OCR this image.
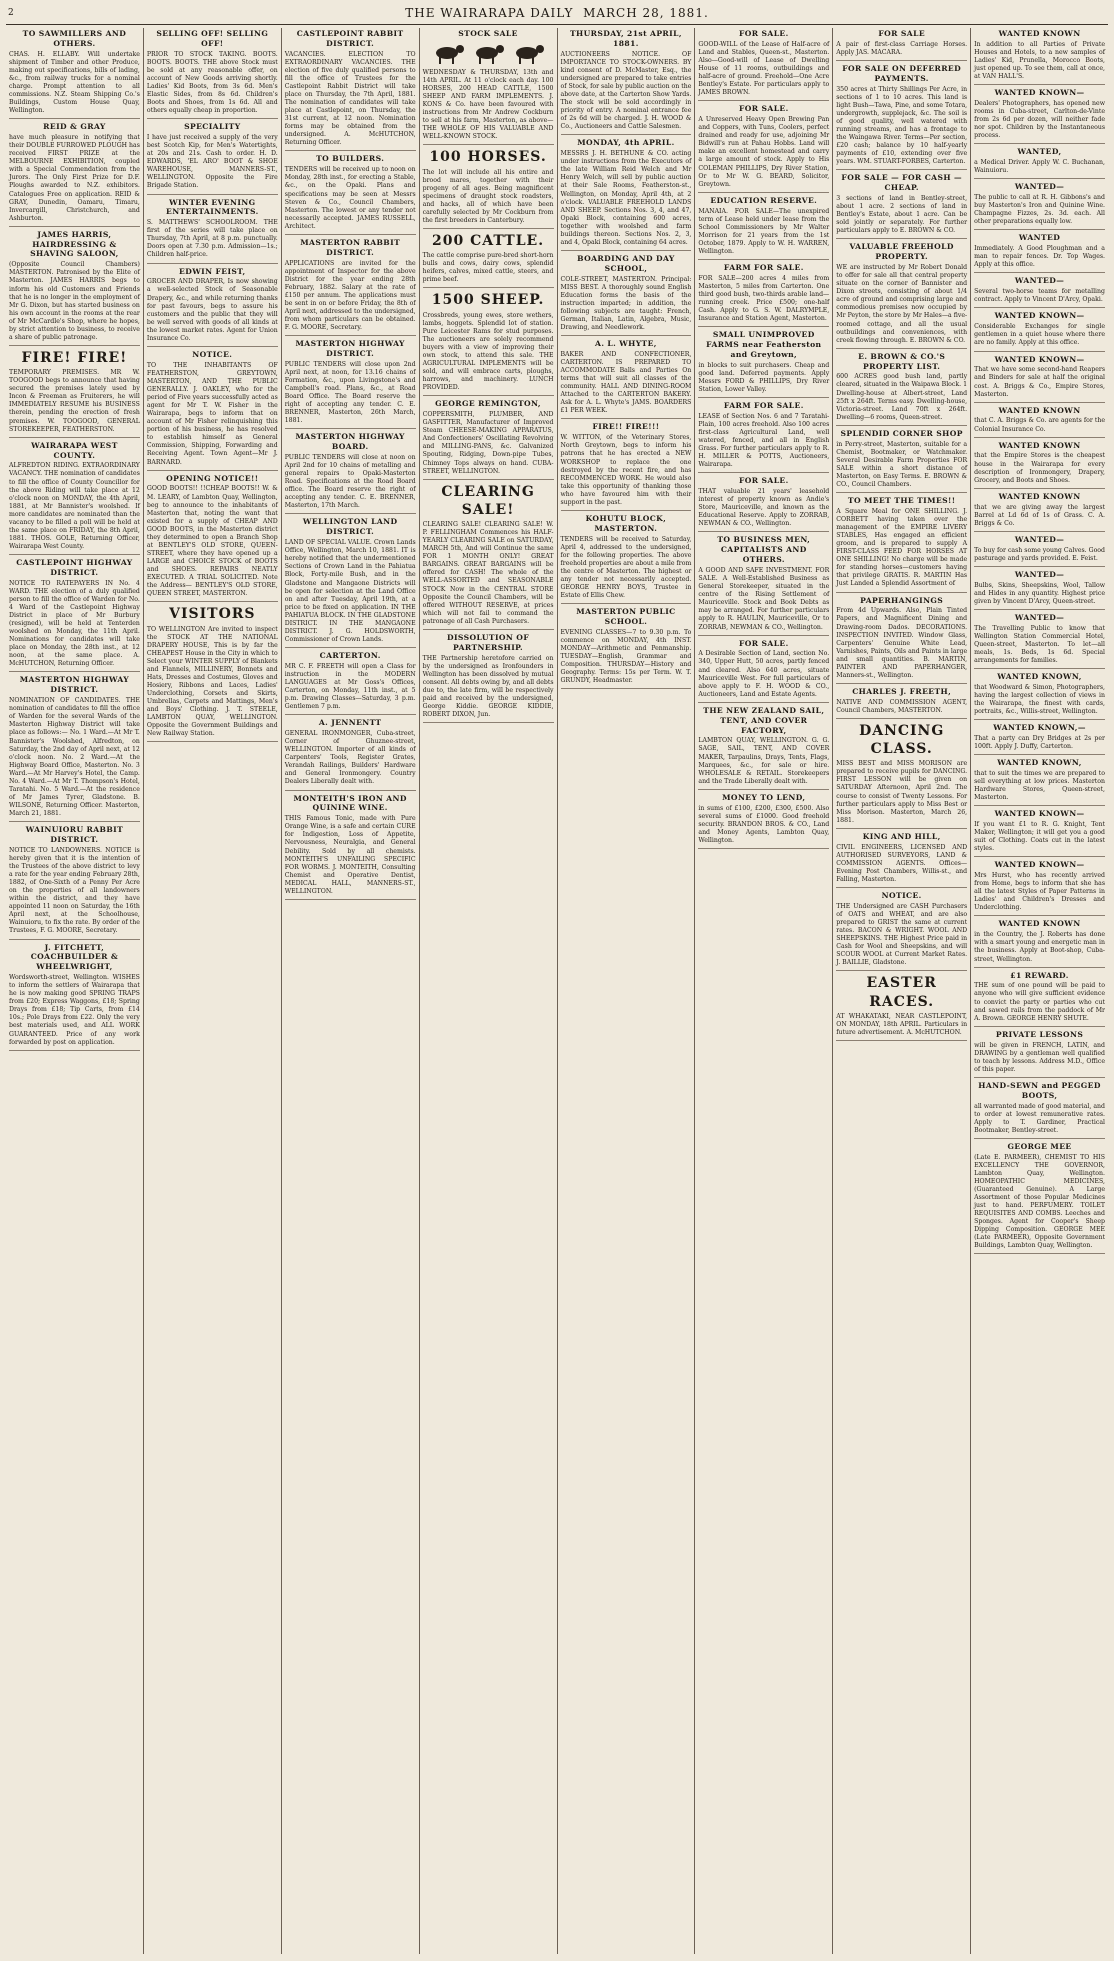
2	THE WAIRARAPA DAILY MARCH 28, 1881.
TO SAWMILLERS AND OTHERS.

CHAS. H. ELLABY. Will undertake shipment of Timber and other Produce, making out specifications, bills of lading, &c., from railway trucks for a nominal charge. Prompt attention to all commissions. N.Z. Steam Shipping Co.'s Buildings, Custom House Quay, Wellington.

REID & GRAY

have much pleasure in notifying that their DOUBLE FURROWED PLOUGH has received FIRST PRIZE at the MELBOURNE EXHIBITION, coupled with a Special Commendation from the Jurors. The Only First Prize for D.F. Ploughs awarded to N.Z. exhibitors. Catalogues Free on application. REID & GRAY, Dunedin, Oamaru, Timaru, Invercargill, Christchurch, and Ashburton.

JAMES HARRIS, HAIRDRESSING & SHAVING SALOON,

(Opposite Council Chambers) MASTERTON. Patronised by the Elite of Masterton. JAMES HARRIS begs to inform his old Customers and Friends that he is no longer in the employment of Mr G. Dixon, but has started business on his own account in the rooms at the rear of Mr McCardle's Shop, where he hopes, by strict attention to business, to receive a share of public patronage.

FIRE! FIRE!

TEMPORARY PREMISES. MR W. TOOGOOD begs to announce that having secured the premises lately used by Incon & Freeman as Fruiterers, he will IMMEDIATELY RESUME his BUSINESS therein, pending the erection of fresh premises. W. TOOGOOD, GENERAL STOREKEEPER, FEATHERSTON.

WAIRARAPA WEST COUNTY.

ALFREDTON RIDING. EXTRAORDINARY VACANCY. THE nomination of candidates to fill the office of County Councillor for the above Riding will take place at 12 o'clock noon on MONDAY, the 4th April, 1881, at Mr Bannister's woolshed. If more candidates are nominated than the vacancy to be filled a poll will be held at the same place on FRIDAY, the 8th April, 1881. THOS. GOLE, Returning Officer, Wairarapa West County.

CASTLEPOINT HIGHWAY DISTRICT.

NOTICE TO RATEPAYERS IN No. 4 WARD. THE election of a duly qualified person to fill the office of Warden for No. 4 Ward of the Castlepoint Highway District in place of Mr Burbury (resigned), will be held at Tenterden woolshed on Monday, the 11th April. Nominations for candidates will take place on Monday, the 28th inst., at 12 noon, at the same place. A. McHUTCHON, Returning Officer.

MASTERTON HIGHWAY DISTRICT.

NOMINATION OF CANDIDATES. THE nomination of candidates to fill the office of Warden for the several Wards of the Masterton Highway District will take place as follows:— No. 1 Ward.—At Mr T. Bannister's Woolshed, Alfredton, on Saturday, the 2nd day of April next, at 12 o'clock noon. No. 2 Ward.—At the Highway Board Office, Masterton. No. 3 Ward.—At Mr Harvey's Hotel, the Camp. No. 4 Ward.—At Mr T. Thompson's Hotel, Taratahi. No. 5 Ward.—At the residence of Mr James Tyrer, Gladstone. B. WILSONE, Returning Officer. Masterton, March 21, 1881.

WAINUIORU RABBIT DISTRICT.

NOTICE TO LANDOWNERS. NOTICE is hereby given that it is the intention of the Trustees of the above district to levy a rate for the year ending February 28th, 1882, of One-Sixth of a Penny Per Acre on the properties of all landowners within the district, and they have appointed 11 noon on Saturday, the 16th April next, at the Schoolhouse, Wainuioru, to fix the rate. By order of the Trustees, F. G. MOORE, Secretary.

J. FITCHETT, COACHBUILDER & WHEELWRIGHT,

Wordsworth-street, Wellington. WISHES to inform the settlers of Wairarapa that he is now making good SPRING TRAPS from £20; Express Waggons, £18; Spring Drays from £18; Tip Carts, from £14 10s.; Pole Drays from £22. Only the very best materials used, and ALL WORK GUARANTEED. Price of any work forwarded by post on application.

SELLING OFF! SELLING OFF!

PRIOR TO STOCK TAKING. BOOTS. BOOTS. BOOTS. THE above Stock must be sold at any reasonable offer, on account of New Goods arriving shortly. Ladies' Kid Boots, from 3s 6d. Men's Elastic Sides, from 8s 6d. Children's Boots and Shoes, from 1s 6d. All and others equally cheap in proportion.

SPECIALITY

I have just received a supply of the very best Scotch Kip, for Men's Watertights, at 20s and 21s. Cash to order. H. D. EDWARDS, 'EL ARO' BOOT & SHOE WAREHOUSE, MANNERS-ST., WELLINGTON. Opposite the Fire Brigade Station.

WINTER EVENING ENTERTAINMENTS.

S. MATTHEWS' SCHOOLROOM. THE first of the series will take place on Thursday, 7th April, at 8 p.m. punctually. Doors open at 7.30 p.m. Admission—1s.; Children half-price.

EDWIN FEIST,

GROCER AND DRAPER, Is now showing a well-selected Stock of Seasonable Drapery, &c., and while returning thanks for past favours, begs to assure his customers and the public that they will be well served with goods of all kinds at the lowest market rates. Agent for Union Insurance Co.

NOTICE.

TO THE INHABITANTS OF FEATHERSTON, GREYTOWN, MASTERTON, AND THE PUBLIC GENERALLY. J. OAKLEY, who for the period of Five years successfully acted as agent for Mr T. W. Fisher in the Wairarapa, begs to inform that on account of Mr Fisher relinquishing this portion of his business, he has resolved to establish himself as General Commission, Shipping, Forwarding and Receiving Agent. Town Agent—Mr J. BARNARD.

OPENING NOTICE!!

GOOD BOOTS!! !!CHEAP BOOTS!! W. & M. LEARY, of Lambton Quay, Wellington, beg to announce to the inhabitants of Masterton that, noting the want that existed for a supply of CHEAP AND GOOD BOOTS, in the Masterton district they determined to open a Branch Shop at BENTLEY'S OLD STORE, QUEEN-STREET, where they have opened up a LARGE and CHOICE STOCK of BOOTS and SHOES. REPAIRS NEATLY EXECUTED. A TRIAL SOLICITED. Note the Address— BENTLEY'S OLD STORE, QUEEN STREET, MASTERTON.

VISITORS

TO WELLINGTON Are invited to inspect the STOCK AT THE NATIONAL DRAPERY HOUSE, This is by far the CHEAPEST House in the City in which to Select your WINTER SUPPLY of Blankets and Flannels, MILLINERY, Bonnets and Hats, Dresses and Costumes, Gloves and Hosiery, Ribbons and Laces, Ladies' Underclothing, Corsets and Skirts, Umbrellas, Carpets and Mattings, Men's and Boys' Clothing. J. T. STEELE, LAMBTON QUAY, WELLINGTON. Opposite the Government Buildings and New Railway Station.

CASTLEPOINT RABBIT DISTRICT.

VACANCIES. ELECTION TO EXTRAORDINARY VACANCIES. THE election of five duly qualified persons to fill the office of Trustees for the Castlepoint Rabbit District will take place on Thursday, the 7th April, 1881. The nomination of candidates will take place at Castlepoint, on Thursday, the 31st current, at 12 noon. Nomination forms may be obtained from the undersigned. A. McHUTCHON, Returning Officer.

TO BUILDERS.

TENDERS will be received up to noon on Monday, 28th inst., for erecting a Stable, &c., on the Opaki. Plans and specifications may be seen at Messrs Steven & Co., Council Chambers, Masterton. The lowest or any tender not necessarily accepted. JAMES RUSSELL, Architect.

MASTERTON RABBIT DISTRICT.

APPLICATIONS are invited for the appointment of Inspector for the above District for the year ending 28th February, 1882. Salary at the rate of £150 per annum. The applications must be sent in on or before Friday, the 8th of April next, addressed to the undersigned, from whom particulars can be obtained. F. G. MOORE, Secretary.

MASTERTON HIGHWAY DISTRICT.

PUBLIC TENDERS will close upon 2nd April next, at noon, for 13.16 chains of Formation, &c., upon Livingstone's and Campbell's road. Plans, &c., at Road Board Office. The Board reserve the right of accepting any tender. C. E. BRENNER, Masterton, 26th March, 1881.

MASTERTON HIGHWAY BOARD.

PUBLIC TENDERS will close at noon on April 2nd for 10 chains of metalling and general repairs to Opaki-Masterton Road. Specifications at the Road Board office. The Board reserve the right of accepting any tender. C. E. BRENNER, Masterton, 17th March.

WELLINGTON LAND DISTRICT.

LAND OF SPECIAL VALUE. Crown Lands Office, Wellington, March 10, 1881. IT is hereby notified that the undermentioned Sections of Crown Land in the Pahiatua Block, Forty-mile Bush, and in the Gladstone and Mangaone Districts will be open for selection at the Land Office on and after Tuesday, April 19th, at a price to be fixed on application. IN THE PAHIATUA BLOCK. IN THE GLADSTONE DISTRICT. IN THE MANGAONE DISTRICT. J. G. HOLDSWORTH, Commissioner of Crown Lands.

CARTERTON.

MR C. F. FREETH will open a Class for instruction in the MODERN LANGUAGES at Mr Goss's Offices, Carterton, on Monday, 11th inst., at 5 p.m. Drawing Classes—Saturday, 3 p.m. Gentlemen 7 p.m.

A. JENNENTT

GENERAL IRONMONGER, Cuba-street, Corner of Ghuznee-street, WELLINGTON. Importer of all kinds of Carpenters' Tools, Register Grates, Verandah Railings, Builders' Hardware and General Ironmongery. Country Dealers Liberally dealt with.

MONTEITH'S IRON AND QUININE WINE.

THIS Famous Tonic, made with Pure Orange Wine, is a safe and certain CURE for Indigestion, Loss of Appetite, Nervousness, Neuralgia, and General Debility. Sold by all chemists. MONTEITH'S UNFAILING SPECIFIC FOR WORMS. J. MONTEITH, Consulting Chemist and Operative Dentist, MEDICAL HALL, MANNERS-ST., WELLINGTON.

STOCK SALE

WEDNESDAY & THURSDAY, 13th and 14th APRIL. At 11 o'clock each day. 100 HORSES, 200 HEAD CATTLE, 1500 SHEEP AND FARM IMPLEMENTS. J. KONS & Co. have been favoured with instructions from Mr Andrew Cockburn to sell at his farm, Masterton, as above— THE WHOLE OF HIS VALUABLE AND WELL-KNOWN STOCK.

100 HORSES.

The lot will include all his entire and brood mares, together with their progeny of all ages. Being magnificent specimens of draught stock roadsters, and hacks, all of which have been carefully selected by Mr Cockburn from the first breeders in Canterbury.

200 CATTLE.

The cattle comprise pure-bred short-horn bulls and cows, dairy cows, splendid heifers, calves, mixed cattle, steers, and prime beef.

1500 SHEEP.

Crossbreds, young ewes, store wethers, lambs, hoggets. Splendid lot of station. Pure Leicester Rams for stud purposes. The auctioneers are solely recommend buyers with a view of improving their own stock, to attend this sale. THE AGRICULTURAL IMPLEMENTS will be sold, and will embrace carts, ploughs, harrows, and machinery. LUNCH PROVIDED.

GEORGE REMINGTON,

COPPERSMITH, PLUMBER, AND GASFITTER, Manufacturer of Improved Steam CHEESE-MAKING APPARATUS, And Confectioners' Oscillating Revolving and MILLING-PANS, &c. Galvanized Spouting, Ridging, Down-pipe Tubes, Chimney Tops always on hand. CUBA-STREET, WELLINGTON.

CLEARING SALE!

CLEARING SALE! CLEARING SALE! W. P. FELLINGHAM Commences his HALF-YEARLY CLEARING SALE on SATURDAY, MARCH 5th, And will Continue the same FOR 1 MONTH ONLY! GREAT BARGAINS. GREAT BARGAINS will be offered for CASH! The whole of the WELL-ASSORTED and SEASONABLE STOCK Now in the CENTRAL STORE Opposite the Council Chambers, will be offered WITHOUT RESERVE, at prices which will not fail to command the patronage of all Cash Purchasers.

DISSOLUTION OF PARTNERSHIP.

THE Partnership heretofore carried on by the undersigned as Ironfounders in Wellington has been dissolved by mutual consent. All debts owing by, and all debts due to, the late firm, will be respectively paid and received by the undersigned, George Kiddie. GEORGE KIDDIE, ROBERT DIXON, Jun.

THURSDAY, 21st APRIL, 1881.

AUCTIONEERS NOTICE. OF IMPORTANCE TO STOCK-OWNERS. BY kind consent of D. McMaster, Esq., the undersigned are prepared to take entries of Stock, for sale by public auction on the above date, at the Carterton Show Yards. The stock will be sold accordingly in priority of entry. A nominal entrance fee of 2s 6d will be charged. J. H. WOOD & Co., Auctioneers and Cattle Salesmen.

MONDAY, 4th APRIL.

MESSRS J. H. BETHUNE & CO. acting under instructions from the Executors of the late William Reid Welch and Mr Henry Welch, will sell by public auction at their Sale Rooms, Featherston-st., Wellington, on Monday, April 4th, at 2 o'clock. VALUABLE FREEHOLD LANDS AND SHEEP. Sections Nos. 3, 4, and 47, Opaki Block, containing 600 acres, together with woolshed and farm buildings thereon. Sections Nos. 2, 3, and 4, Opaki Block, containing 64 acres.

BOARDING AND DAY SCHOOL,

COLE-STREET, MASTERTON. Principal: MISS BEST. A thoroughly sound English Education forms the basis of the instruction imparted; in addition, the following subjects are taught: French, German, Italian, Latin, Algebra, Music, Drawing, and Needlework.

A. L. WHYTE,

BAKER AND CONFECTIONER, CARTERTON. IS PREPARED TO ACCOMMODATE Balls and Parties On terms that will suit all classes of the community. HALL AND DINING-ROOM Attached to the CARTERTON BAKERY. Ask for A. L. Whyte's JAMS. BOARDERS £1 PER WEEK.

FIRE!! FIRE!!!

W. WITTON, of the Veterinary Stores, North Greytown, begs to inform his patrons that he has erected a NEW WORKSHOP to replace the one destroyed by the recent fire, and has RECOMMENCED WORK. He would also take this opportunity of thanking those who have favoured him with their support in the past.

KOHUTU BLOCK, MASTERTON.

TENDERS will be received to Saturday, April 4, addressed to the undersigned, for the following properties. The above freehold properties are about a mile from the centre of Masterton. The highest or any tender not necessarily accepted. GEORGE HENRY BOYS, Trustee in Estate of Ellis Chew.

MASTERTON PUBLIC SCHOOL.

EVENING CLASSES—7 to 9.30 p.m. To commence on MONDAY, 4th INST. MONDAY—Arithmetic and Penmanship. TUESDAY—English, Grammar and Composition. THURSDAY—History and Geography. Terms: 15s per Term. W. T. GRUNDY, Headmaster.

FOR SALE.

GOOD-WILL of the Lease of Half-acre of Land and Stables, Queen-st., Masterton. Also—Good-will of Lease of Dwelling House of 11 rooms, outbuildings and half-acre of ground. Freehold—One Acre Bentley's Estate. For particulars apply to JAMES BROWN.

FOR SALE.

A Unreserved Heavy Open Brewing Pan and Coppers, with Tuns, Coolers, perfect drained and ready for use, adjoining Mr Bidwill's run at Pahau Hobbs. Land will make an excellent homestead and carry a large amount of stock. Apply to His COLEMAN PHILLIPS, Dry River Station, Or to Mr W. G. BEARD, Solicitor, Greytown.

EDUCATION RESERVE.

MANAIA. FOR SALE—The unexpired term of Lease held under lease from the School Commissioners by Mr Walter Morrison for 21 years from the 1st October, 1879. Apply to W. H. WARREN, Wellington.

FARM FOR SALE.

FOR SALE—200 acres 4 miles from Masterton, 5 miles from Carterton. One third good bush, two-thirds arable land—running creek. Price £500; one-half Cash. Apply to G. S. W. DALRYMPLE, Insurance and Station Agent, Masterton.

SMALL UNIMPROVED FARMS near Featherston and Greytown,

in blocks to suit purchasers. Cheap and good land. Deferred payments. Apply Messrs FORD & PHILLIPS, Dry River Station, Lower Valley.

FARM FOR SALE.

LEASE of Section Nos. 6 and 7 Taratahi-Plain, 100 acres freehold. Also 100 acres first-class Agricultural Land, well watered, fenced, and all in English Grass. For further particulars apply to R. H. MILLER & POTTS, Auctioneers, Wairarapa.

FOR SALE.

THAT valuable 21 years' leasehold interest of property known as Andie's Store, Mauriceville, and known as the Educational Reserve. Apply to ZORRAB, NEWMAN & CO., Wellington.

TO BUSINESS MEN, CAPITALISTS AND OTHERS.

A GOOD AND SAFE INVESTMENT. FOR SALE. A Well-Established Business as General Storekeeper, situated in the centre of the Rising Settlement of Mauriceville. Stock and Book Debts as may be arranged. For further particulars apply to R. HAULIN, Mauriceville, Or to ZORRAB, NEWMAN & CO., Wellington.

FOR SALE.

A Desirable Section of Land, section No. 340, Upper Hutt, 50 acres, partly fenced and cleared. Also 640 acres, situate Mauriceville West. For full particulars of above apply to F. H. WOOD & CO., Auctioneers, Land and Estate Agents.

THE NEW ZEALAND SAIL, TENT, AND COVER FACTORY,

LAMBTON QUAY, WELLINGTON. G. G. SAGE, SAIL, TENT, AND COVER MAKER, Tarpaulins, Drays, Tents, Flags, Marquees, &c., for sale or hire. WHOLESALE & RETAIL. Storekeepers and the Trade Liberally dealt with.

MONEY TO LEND,

in sums of £100, £200, £300, £500. Also several sums of £1000. Good freehold security. BRANDON BROS. & CO., Land and Money Agents, Lambton Quay, Wellington.

FOR SALE

A pair of first-class Carriage Horses. Apply JAS. MACARA.

FOR SALE ON DEFERRED PAYMENTS.

350 acres at Thirty Shillings Per Acre, in sections of 1 to 10 acres. This land is light Bush—Tawa, Pine, and some Totara, undergrowth, supplejack, &c. The soil is of good quality, well watered with running streams, and has a frontage to the Waingawa River. Terms—Per section, £20 cash; balance by 10 half-yearly payments of £10, extending over five years. WM. STUART-FORBES, Carterton.

FOR SALE — FOR CASH — CHEAP.

3 sections of land in Bentley-street, about 1 acre. 2 sections of land in Bentley's Estate, about 1 acre. Can be sold jointly or separately. For further particulars apply to E. BROWN & CO.

VALUABLE FREEHOLD PROPERTY.

WE are instructed by Mr Robert Donald to offer for sale all that central property situate on the corner of Bannister and Dixon streets, consisting of about 1/4 acre of ground and comprising large and commodious premises now occupied by Mr Peyton, the store by Mr Hales—a five-roomed cottage, and all the usual outbuildings and conveniences, with creek flowing through. E. BROWN & CO.

E. BROWN & CO.'S PROPERTY LIST.

600 ACRES good bush land, partly cleared, situated in the Waipawa Block. 1 Dwelling-house at Albert-street, Land 25ft x 264ft. Terms easy. Dwelling-house, Victoria-street. Land 70ft x 264ft. Dwelling—6 rooms, Queen-street.

SPLENDID CORNER SHOP

in Perry-street, Masterton, suitable for a Chemist, Bootmaker, or Watchmaker. Several Desirable Farm Properties FOR SALE within a short distance of Masterton, on Easy Terms. E. BROWN & CO., Council Chambers.

TO MEET THE TIMES!!

A Square Meal for ONE SHILLING. J. CORBETT having taken over the management of the EMPIRE LIVERY STABLES, Has engaged an efficient groom, and is prepared to supply A FIRST-CLASS FEED FOR HORSES AT ONE SHILLING! No charge will be made for standing horses—customers having that privilege GRATIS. R. MARTIN Has Just Landed a Splendid Assortment of

PAPERHANGINGS

From 4d Upwards. Also, Plain Tinted Papers, and Magnificent Dining and Drawing-room Dados. DECORATIONS. INSPECTION INVITED. Window Glass, Carpenters' Genuine White Lead, Varnishes, Paints, Oils and Paints in large and small quantities. B. MARTIN, PAINTER AND PAPERHANGER, Manners-st., Wellington.

CHARLES J. FREETH,

NATIVE AND COMMISSION AGENT, Council Chambers, MASTERTON.

DANCING CLASS.

MISS BEST and MISS MORISON are prepared to receive pupils for DANCING. FIRST LESSON will be given on SATURDAY Afternoon, April 2nd. The course to consist of Twenty Lessons. For further particulars apply to Miss Best or Miss Morison. Masterton, March 26, 1881.

KING AND HILL,

CIVIL ENGINEERS, LICENSED AND AUTHORISED SURVEYORS, LAND & COMMISSION AGENTS. Offices—Evening Post Chambers, Willis-st., and Falling, Masterton.

NOTICE.

THE Undersigned are CASH Purchasers of OATS and WHEAT, and are also prepared to GRIST the same at current rates. BACON & WRIGHT. WOOL AND SHEEPSKINS. THE Highest Price paid in Cash for Wool and Sheepskins, and will SCOUR WOOL at Current Market Rates. J. BAILLIE, Gladstone.

EASTER RACES.

AT WHAKATAKI, NEAR CASTLEPOINT, ON MONDAY, 18th APRIL. Particulars in future advertisement. A. McHUTCHON.

WANTED KNOWN

In addition to all Parties of Private Houses and Hotels, to a new samples of Ladies' Kid, Prunella, Morocco Boots, just opened up. To see them, call at once, at VAN HALL'S.

WANTED KNOWN—

Dealers' Photographers, has opened new rooms in Cuba-street, Carlton-de-Vinte from 2s 6d per dozen, will neither fade nor spot. Children by the Instantaneous process.

WANTED,

a Medical Driver. Apply W. C. Buchanan, Wainuioru.

WANTED—

The public to call at R. H. Gibbons's and buy Masterton's Iron and Quinine Wine. Champagne Fizzes, 2s. 3d. each. All other preparations equally low.

WANTED

Immediately. A Good Ploughman and a man to repair fences. Dr. Top Wages. Apply at this office.

WANTED—

Several two-horse teams for metalling contract. Apply to Vincent D'Arcy, Opaki.

WANTED KNOWN—

Considerable Exchanges for single gentlemen in a quiet house where there are no family. Apply at this office.

WANTED KNOWN—

That we have some second-hand Reapers and Binders for sale at half the original cost. A. Briggs & Co., Empire Stores, Masterton.

WANTED KNOWN

that C. A. Briggs & Co. are agents for the Colonial Insurance Co.

WANTED KNOWN

that the Empire Stores is the cheapest house in the Wairarapa for every description of Ironmongery, Drapery, Grocery, and Boots and Shoes.

WANTED KNOWN

that we are giving away the largest Barrel at Ld 6d of 1s of Grass. C. A. Briggs & Co.

WANTED—

To buy for cash some young Calves. Good pasturage and yards provided. E. Feist.

WANTED—

Bulbs, Skins, Sheepskins, Wool, Tallow and Hides in any quantity. Highest price given by Vincent D'Arcy, Queen-street.

WANTED—

The Travelling Public to know that Wellington Station Commercial Hotel, Queen-street, Masterton. To let—all meals, 1s. Beds, 1s 6d. Special arrangements for families.

WANTED KNOWN,

that Woodward & Simon, Photographers, having the largest collection of views in the Wairarapa, the finest with cards, portraits, &c., Willis-street, Wellington.

WANTED KNOWN,—

That a party can Dry Bridges at 2s per 100ft. Apply J. Duffy, Carterton.

WANTED KNOWN,

that to suit the times we are prepared to sell everything at low prices. Masterton Hardware Stores, Queen-street, Masterton.

WANTED KNOWN—

If you want £1 to R. G. Knight, Tent Maker, Wellington; it will get you a good suit of Clothing. Coats cut in the latest styles.

WANTED KNOWN—

Mrs Hurst, who has recently arrived from Home, begs to inform that she has all the latest Styles of Paper Patterns in Ladies' and Children's Dresses and Underclothing.

WANTED KNOWN

in the Country, the J. Roberts has done with a smart young and energetic man in the business. Apply at Boot-shop, Cuba-street, Wellington.

£1 REWARD.

THE sum of one pound will be paid to anyone who will give sufficient evidence to convict the party or parties who cut and sawed rails from the paddock of Mr A. Brown. GEORGE HENRY SHUTE.

PRIVATE LESSONS

will be given in FRENCH, LATIN, and DRAWING by a gentleman well qualified to teach by lessons. Address M.D., Office of this paper.

HAND-SEWN and PEGGED BOOTS,

all warranted made of good material, and to order at lowest remunerative rates. Apply to T. Gardiner, Practical Bootmaker, Bentley-street.

GEORGE MEE

(Late E. PARMEER), CHEMIST TO HIS EXCELLENCY THE GOVERNOR, Lambton Quay, Wellington. HOMEOPATHIC MEDICINES, (Guaranteed Genuine). A Large Assortment of those Popular Medicines just to hand. PERFUMERY. TOILET REQUISITES AND COMBS. Leeches and Sponges. Agent for Cooper's Sheep Dipping Composition. GEORGE MEE (Late PARMEER), Opposite Government Buildings, Lambton Quay, Wellington.
